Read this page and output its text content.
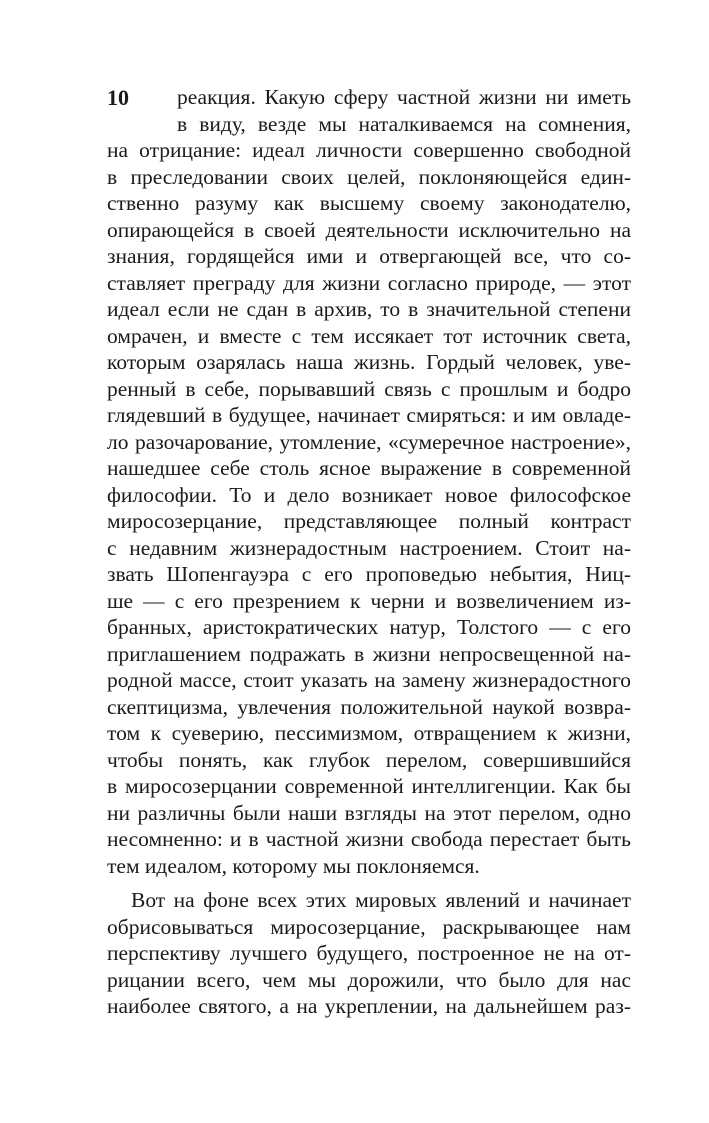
10 реакция. Какую сферу частной жизни ни иметь
в виду, везде мы наталкиваемся на сомнения,
на отрицание: идеал личности совершенно свободной
в преследовании своих целей, поклоняющейся един-
ственно разуму как высшему своему законодателю,
опирающейся в своей деятельности исключительно на
знания, гордящейся ими и отвергающей все, что со-
ставляет преграду для жизни согласно природе, — этот
идеал если не сдан в архив, то в значительной степени
омрачен, и вместе с тем иссякает тот источник света,
которым озарялась наша жизнь. Гордый человек, уве-
ренный в себе, порывавший связь с прошлым и бодро
глядевший в будущее, начинает смиряться: и им овладе-
ло разочарование, утомление, «сумеречное настроение»,
нашедшее себе столь ясное выражение в современной
философии. То и дело возникает новое философское
миросозерцание, представляющее полный контраст
с недавним жизнерадостным настроением. Стоит на-
звать Шопенгауэра с его проповедью небытия, Ниц-
ше — с его презрением к черни и возвеличением из-
бранных, аристократических натур, Толстого — с его
приглашением подражать в жизни непросвещенной на-
родной массе, стоит указать на замену жизнерадостного
скептицизма, увлечения положительной наукой возвра-
том к суеверию, пессимизмом, отвращением к жизни,
чтобы понять, как глубок перелом, совершившийся
в миросозерцании современной интеллигенции. Как бы
ни различны были наши взгляды на этот перелом, одно
несомненно: и в частной жизни свобода перестает быть
тем идеалом, которому мы поклоняемся.
Вот на фоне всех этих мировых явлений и начинает
обрисовываться миросозерцание, раскрывающее нам
перспективу лучшего будущего, построенное не на от-
рицании всего, чем мы дорожили, что было для нас
наиболее святого, а на укреплении, на дальнейшем раз-
